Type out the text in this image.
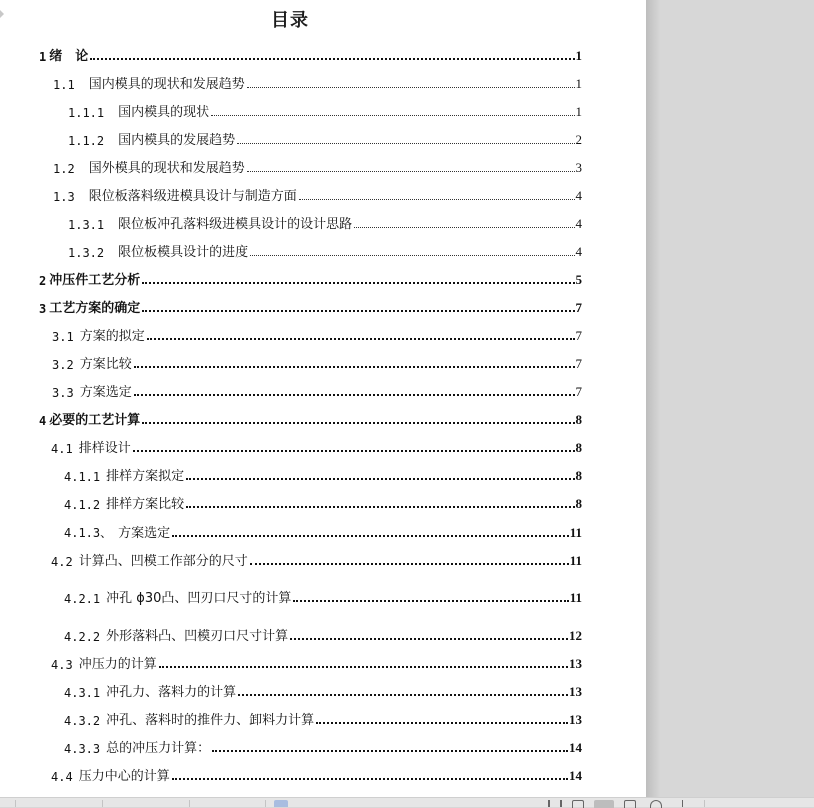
目录
1 绪　论	1
1.1 国内模具的现状和发展趋势	1
1.1.1 国内模具的现状	1
1.1.2 国内模具的发展趋势	2
1.2 国外模具的现状和发展趋势	3
1.3 限位板落料级进模具设计与制造方面	4
1.3.1 限位板冲孔落料级进模具设计的设计思路	4
1.3.2 限位板模具设计的进度	4
2 冲压件工艺分析	5
3 工艺方案的确定	7
3.1 方案的拟定	7
3.2 方案比较	7
3.3 方案选定	7
4 必要的工艺计算	8
4.1 排样设计	8
4.1.1 排样方案拟定	8
4.1.2 排样方案比较	8
4.1.3、 方案选定	11
4.2 计算凸、凹模工作部分的尺寸	11
4.2.1 冲孔 ϕ30凸、凹刃口尺寸的计算	11
4.2.2 外形落料凸、凹模刃口尺寸计算	12
4.3 冲压力的计算	13
4.3.1 冲孔力、落料力的计算	13
4.3.2 冲孔、落料时的推件力、卸料力计算	13
4.3.3 总的冲压力计算：	14
4.4 压力中心的计算	14
